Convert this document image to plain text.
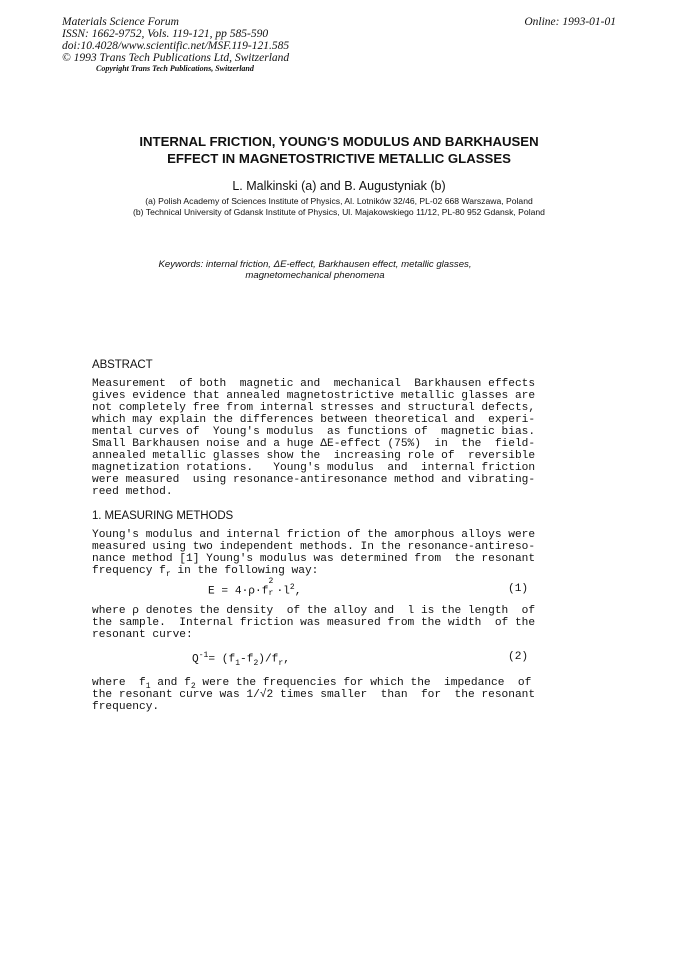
Materials Science Forum
ISSN: 1662-9752, Vols. 119-121, pp 585-590
doi:10.4028/www.scientific.net/MSF.119-121.585
© 1993 Trans Tech Publications Ltd, Switzerland
Copyright Trans Tech Publications, Switzerland
Online: 1993-01-01
INTERNAL FRICTION, YOUNG'S MODULUS AND BARKHAUSEN
EFFECT IN MAGNETOSTRICTIVE METALLIC GLASSES
L. Malkinski (a) and B. Augustyniak (b)
(a) Polish Academy of Sciences Institute of Physics, Al. Lotników 32/46, PL-02 668 Warszawa, Poland
(b) Technical University of Gdansk Institute of Physics, Ul. Majakowskiego 11/12, PL-80 952 Gdansk, Poland
Keywords: internal friction, ΔE-effect, Barkhausen effect, metallic glasses,
magnetomechanical phenomena
ABSTRACT
Measurement  of both  magnetic and  mechanical  Barkhausen effects
gives evidence that annealed magnetostrictive metallic glasses are
not completely free from internal stresses and structural defects,
which may explain the differences between theoretical and  experi-
mental curves of  Young's modulus  as functions of  magnetic bias.
Small Barkhausen noise and a huge ΔE-effect (75%)  in  the  field-
annealed metallic glasses show the  increasing role of  reversible
magnetization rotations.   Young's modulus  and  internal friction
were measured  using resonance-antiresonance method and vibrating-
reed method.
1. MEASURING METHODS
Young's modulus and internal friction of the amorphous alloys were
measured using two independent methods. In the resonance-antireso-
nance method [1] Young's modulus was determined from  the resonant
frequency $f_r$ in the following way:
E = 4·ρ·f
2
$r \cdot l^2$,	(1)
where ρ denotes the density  of the alloy and  l is the length  of
the sample.  Internal friction was measured from the width  of the
resonant curve:
$Q^{-1}= (f_1-f_2)/f_r$,	(2)
where  $f_1$ and $f_2$ were the frequencies for which the  impedance  of
the resonant curve was 1/√2 times smaller  than  for  the resonant
frequency.
